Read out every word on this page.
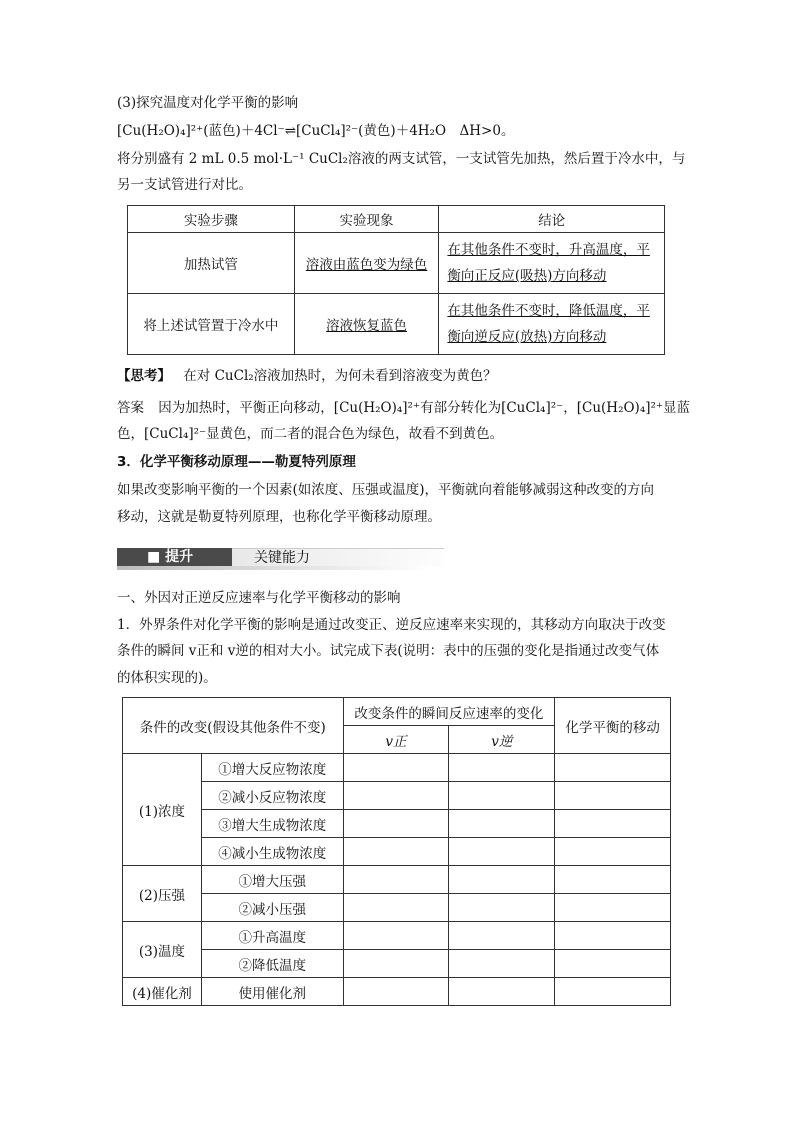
(3)探究温度对化学平衡的影响
[Cu(H₂O)₄]²⁺(蓝色)＋4Cl⁻⇌[CuCl₄]²⁻(黄色)＋4H₂O　ΔH>0。
将分别盛有 2 mL 0.5 mol·L⁻¹ CuCl₂溶液的两支试管，一支试管先加热，然后置于冷水中，与
另一支试管进行对比。
实验步骤	实验现象	结论
加热试管	溶液由蓝色变为绿色	在其他条件不变时，升高温度，平
衡向正反应(吸热)方向移动
将上述试管置于冷水中	溶液恢复蓝色	在其他条件不变时，降低温度，平
衡向逆反应(放热)方向移动
【思考】 在对 CuCl₂溶液加热时，为何未看到溶液变为黄色？
答案 因为加热时，平衡正向移动，[Cu(H₂O)₄]²⁺有部分转化为[CuCl₄]²⁻，[Cu(H₂O)₄]²⁺显蓝
色，[CuCl₄]²⁻显黄色，而二者的混合色为绿色，故看不到黄色。
3．化学平衡移动原理——勒夏特列原理
如果改变影响平衡的一个因素(如浓度、压强或温度)，平衡就向着能够减弱这种改变的方向
移动，这就是勒夏特列原理，也称化学平衡移动原理。
■ 提升	关键能力
一、外因对正逆反应速率与化学平衡移动的影响
1．外界条件对化学平衡的影响是通过改变正、逆反应速率来实现的，其移动方向取决于改变
条件的瞬间 v正和 v逆的相对大小。试完成下表(说明：表中的压强的变化是指通过改变气体
的体积实现的)。
条件的改变(假设其他条件不变)		改变条件的瞬间反应速率的变化		化学平衡的移动
		v正	v逆	
(1)浓度	①增大反应物浓度			
	②减小反应物浓度			
	③增大生成物浓度			
	④减小生成物浓度			
(2)压强	①增大压强			
	②减小压强			
(3)温度	①升高温度			
	②降低温度			
(4)催化剂	使用催化剂			
